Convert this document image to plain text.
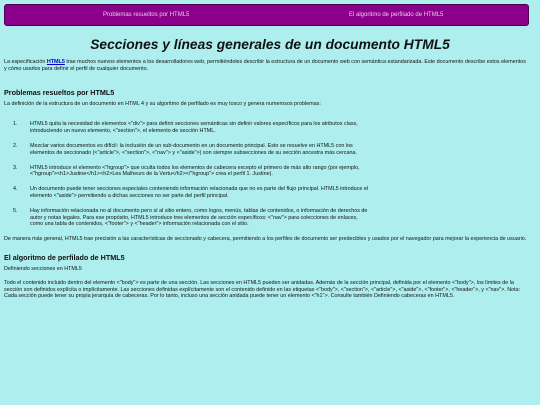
Problemas resueltos por HTML5	El algoritmo de perfilado de HTML5
Secciones y líneas generales de un documento HTML5

La especificación HTML5 trae muchos nuevos elementos a los desarrolladores web, permitiéndoles describir la estructura de un documento web con semántica estandarizada. Este documento describe estos elementos y cómo usarlos para definir el perfil de cualquier documento.

Problemas resueltos por HTML5

La definición de la estructura de un documento en HTML 4 y su algoritmo de perfilado es muy tosco y genera numerosos problemas:

1. HTML5 quita la necesidad de elementos <"div"> para definir secciones semánticas sin definir valores específicos para los atributos class, introduciendo un nuevo elemento, <"section">, el elemento de sección HTML.
2. Mezclar varios documentos es difícil: la inclusión de un sub-documento en un documento principal. Esto se resuelve en HTML5 con los elementos de seccionado (<"article">, <"section">, <"nav"> y <"aside">) son siempre subsecciones de su sección ancestra más cercana.
3. HTML5 introduce el elemento <"hgroup"> que oculta todos los elementos de cabecera excepto el primero de más alto rango (por ejemplo, <"hgroup"><h1>Justine</h1><h2>Les Malheurs de la Vertu</h2></"hgroup"> crea el perfil 1. Justine).
4. Un documento puede tener secciones especiales conteniendo información relacionada que no es parte del flujo principal. HTML5 introduce el elemento <"aside"> permitiendo a dichas secciones no ser parte del perfil principal.
5. Hay información relacionada no al documento pero sí al sitio entero, como logos, menús, tablas de contenidos, o información de derechos de autor y notas legales. Para ese propósito, HTML5 introduce tres elementos de sección específicos: <"nav"> para colecciones de enlaces, como una tabla de contenidos, <"footer"> y <"header"> información relacionada con el sitio.

De manera más general, HTML5 trae precisión a las características de seccionado y cabecera, permitiendo a los perfiles de documento ser predecibles y usados por el navegador para mejorar la experiencia de usuario.

El algoritmo de perfilado de HTML5

Definiendo secciones en HTML5

Todo el contenido incluido dentro del elemento <"body"> es parte de una sección. Las secciones en HTML5 pueden ser anidadas. Además de la sección principal, definida por el elemento <"body">, los límites de la sección son definidos explícita o implícitamente. Las secciones definidas explícitamente son el contenido definido en las etiquetas <"body">, <"section">, <"article">, <"aside">, <"footer">, <"header">, y <"nav">. Nota: Cada sección puede tener su propia jerarquía de cabeceras. Por lo tanto, incluso una sección anidada puede tener un elemento <"h1">. Consulte también Definiendo cabeceras en HTML5.
